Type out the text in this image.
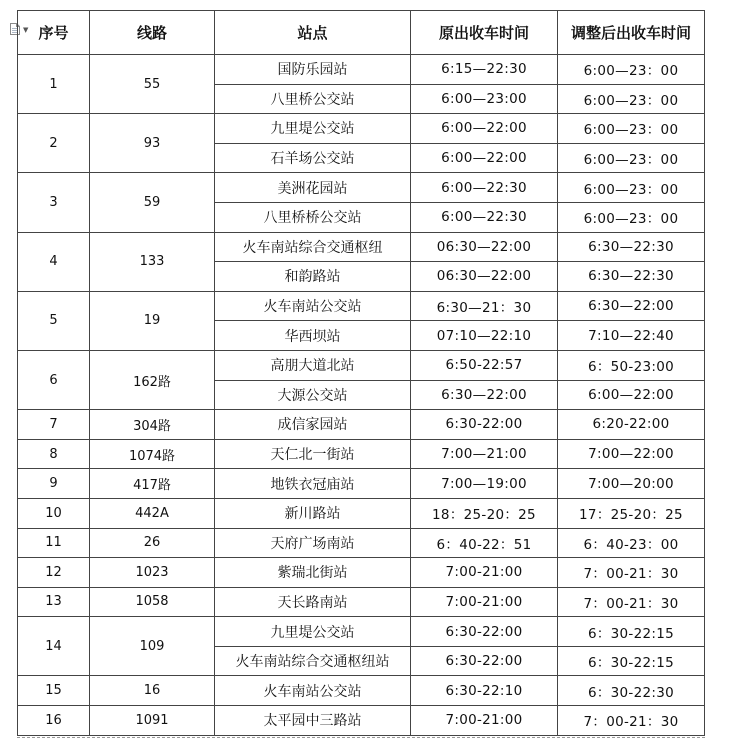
▼ 序号	线路	站点	原出收车时间	调整后出收车时间
1	55	国防乐园站	6:15—22:30	6:00—23：00
		八里桥公交站	6:00—23:00	6:00—23：00
2	93	九里堤公交站	6:00—22:00	6:00—23：00
		石羊场公交站	6:00—22:00	6:00—23：00
3	59	美洲花园站	6:00—22:30	6:00—23：00
		八里桥桥公交站	6:00—22:30	6:00—23：00
4	133	火车南站综合交通枢纽	06:30—22:00	6:30—22:30
		和韵路站	06:30—22:00	6:30—22:30
5	19	火车南站公交站	6:30—21：30	6:30—22:00
		华西坝站	07:10—22:10	7:10—22:40
6	162路	高朋大道北站	6:50-22:57	6：50-23:00
		大源公交站	6:30—22:00	6:00—22:00
7	304路	成信家园站	6:30-22:00	6:20-22:00
8	1074路	天仁北一街站	7:00—21:00	7:00—22:00
9	417路	地铁衣冠庙站	7:00—19:00	7:00—20:00
10	442A	新川路站	18：25-20：25	17：25-20：25
11	26	天府广场南站	6：40-22：51	6：40-23：00
12	1023	紫瑞北街站	7:00-21:00	7：00-21：30
13	1058	天长路南站	7:00-21:00	7：00-21：30
14	109	九里堤公交站	6:30-22:00	6：30-22:15
		火车南站综合交通枢纽站	6:30-22:00	6：30-22:15
15	16	火车南站公交站	6:30-22:10	6：30-22:30
16	1091	太平园中三路站	7:00-21:00	7：00-21：30
